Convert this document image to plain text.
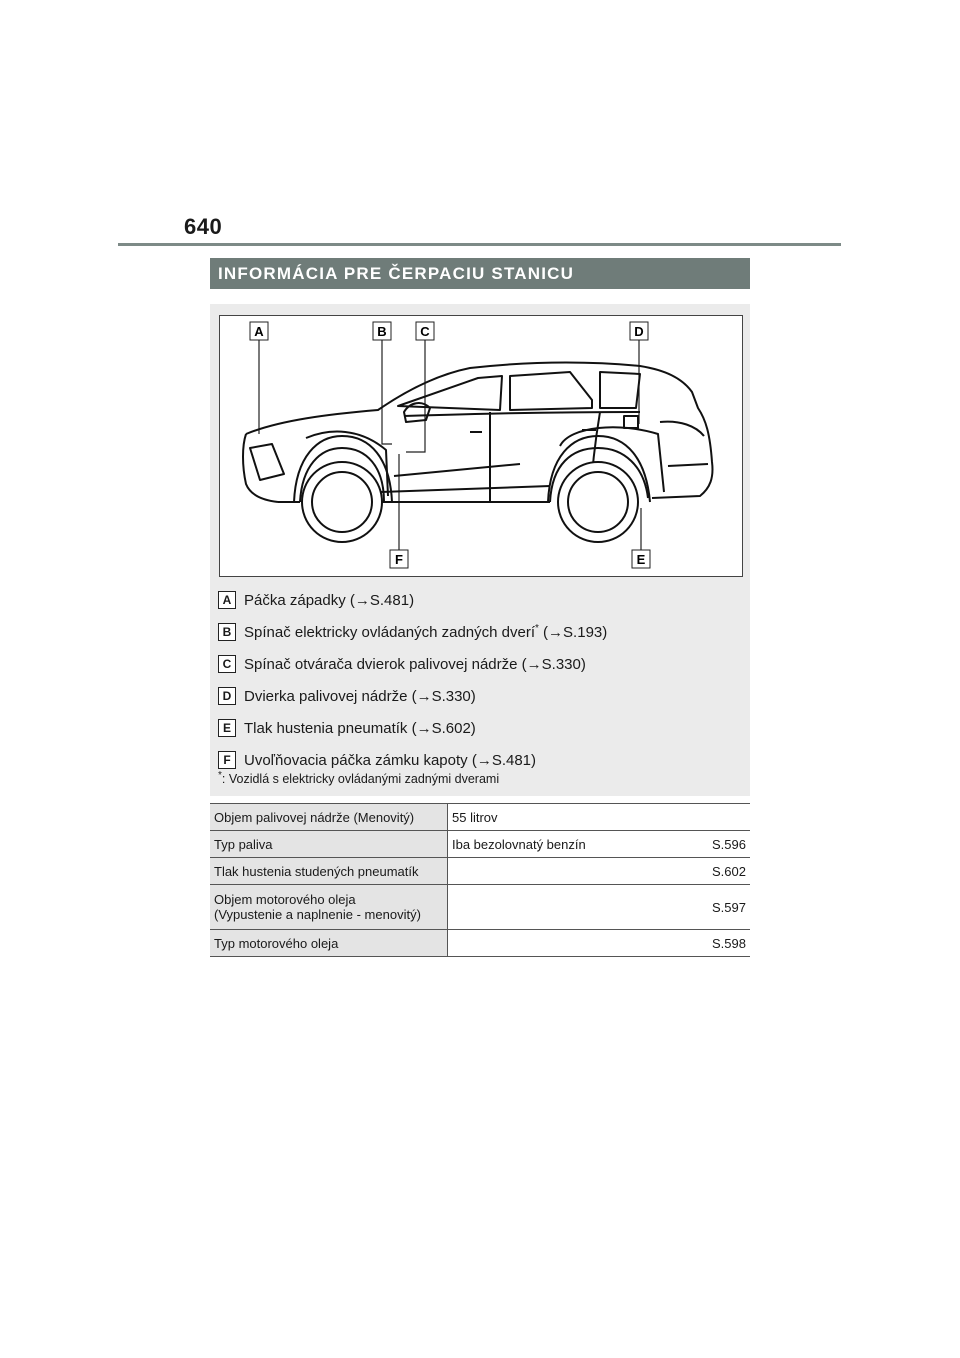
640
INFORMÁCIA PRE ČERPACIU STANICU
A	B	C	D
E
F
A Páčka západky (→S.481)
B Spínač elektricky ovládaných zadných dverí* (→S.193)
C Spínač otvárača dvierok palivovej nádrže (→S.330)
D Dvierka palivovej nádrže (→S.330)
E Tlak hustenia pneumatík (→S.602)
F Uvoľňovacia páčka zámku kapoty (→S.481)
*: Vozidlá s elektricky ovládanými zadnými dverami
Objem palivovej nádrže (Menovitý)	55 litrov
Typ paliva	Iba bezolovnatý benzín S.596

Tlak hustenia studených pneumatík	S.602

Objem motorového oleja
(Vypustenie a naplnenie - menovitý)	S.597

Typ motorového oleja	S.598
